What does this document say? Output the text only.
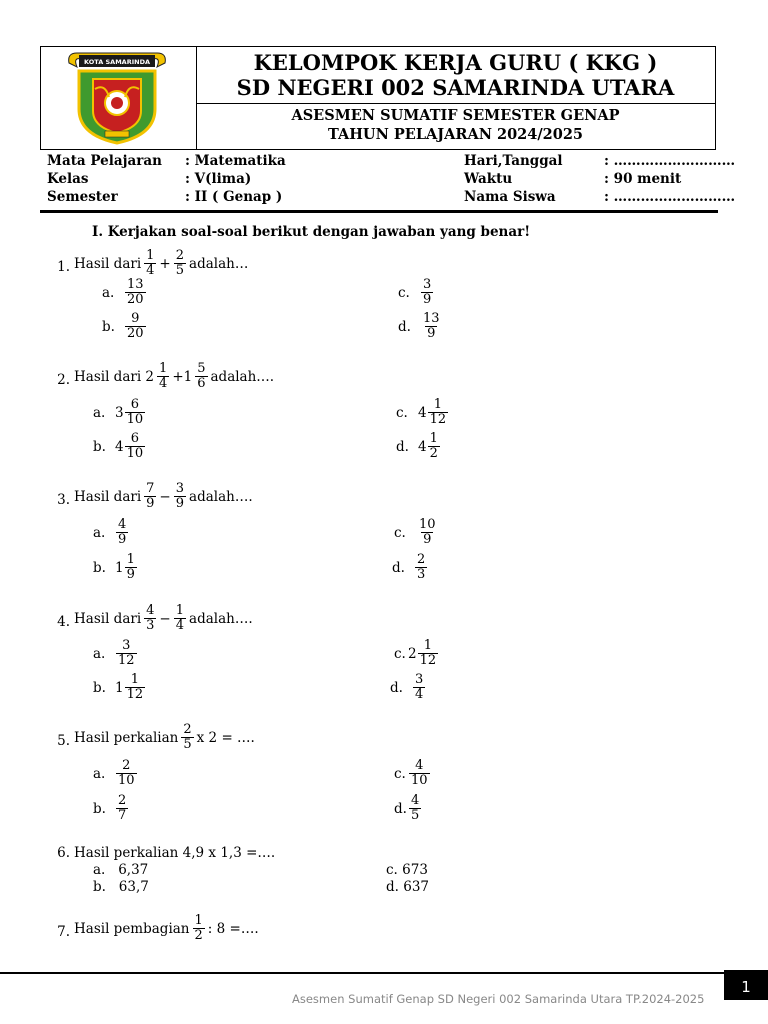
KOTA SAMARINDA	KELOMPOK KERJA GURU ( KKG )
SD NEGERI 002 SAMARINDA UTARA
ASESMEN SUMATIF SEMESTER GENAP
TAHUN PELAJARAN 2024/2025
Mata Pelajaran
Kelas
Semester
: Matematika
: V(lima)
: II ( Genap )
Hari,Tanggal
Waktu
Nama Siswa
: ………………………
: 90 menit
: ………………………
I. Kerjakan soal-soal berikut dengan jawaban yang benar!
1. Hasil dari $\frac{1}{4} + \frac{2}{5}$ adalah…
a. $\frac{13}{20}$
b. $\frac{9}{20}$
c. $\frac{3}{9}$
d. $\frac{13}{9}$
2. Hasil dari $2 \frac{1}{4} +1 \frac{5}{6}$ adalah….
a. $3 \frac{6}{10}$
b. $4 \frac{6}{10}$
c. $4 \frac{1}{12}$
d. $4 \frac{1}{2}$
3. Hasil dari $\frac{7}{9} - \frac{3}{9}$ adalah….
a. $\frac{4}{9}$
b. $1 \frac{1}{9}$
c. $\frac{10}{9}$
d. $\frac{2}{3}$
4. Hasil dari $\frac{4}{3} - \frac{1}{4}$ adalah….
a. $\frac{3}{12}$
b. $1 \frac{1}{12}$
c. $2 \frac{1}{12}$
d. $\frac{3}{4}$
5. Hasil perkalian $\frac{2}{5}$ x 2 = ….
a. $\frac{2}{10}$
b. $\frac{2}{7}$
c. $\frac{4}{10}$
d. $\frac{4}{5}$
6. Hasil perkalian 4,9 x 1,3 =….
a.   6,37
b.   63,7
c. 673
d. 637
7. Hasil pembagian $\frac{1}{2}$ : 8 =….
1
Asesmen Sumatif Genap SD Negeri 002 Samarinda Utara TP.2024-2025
